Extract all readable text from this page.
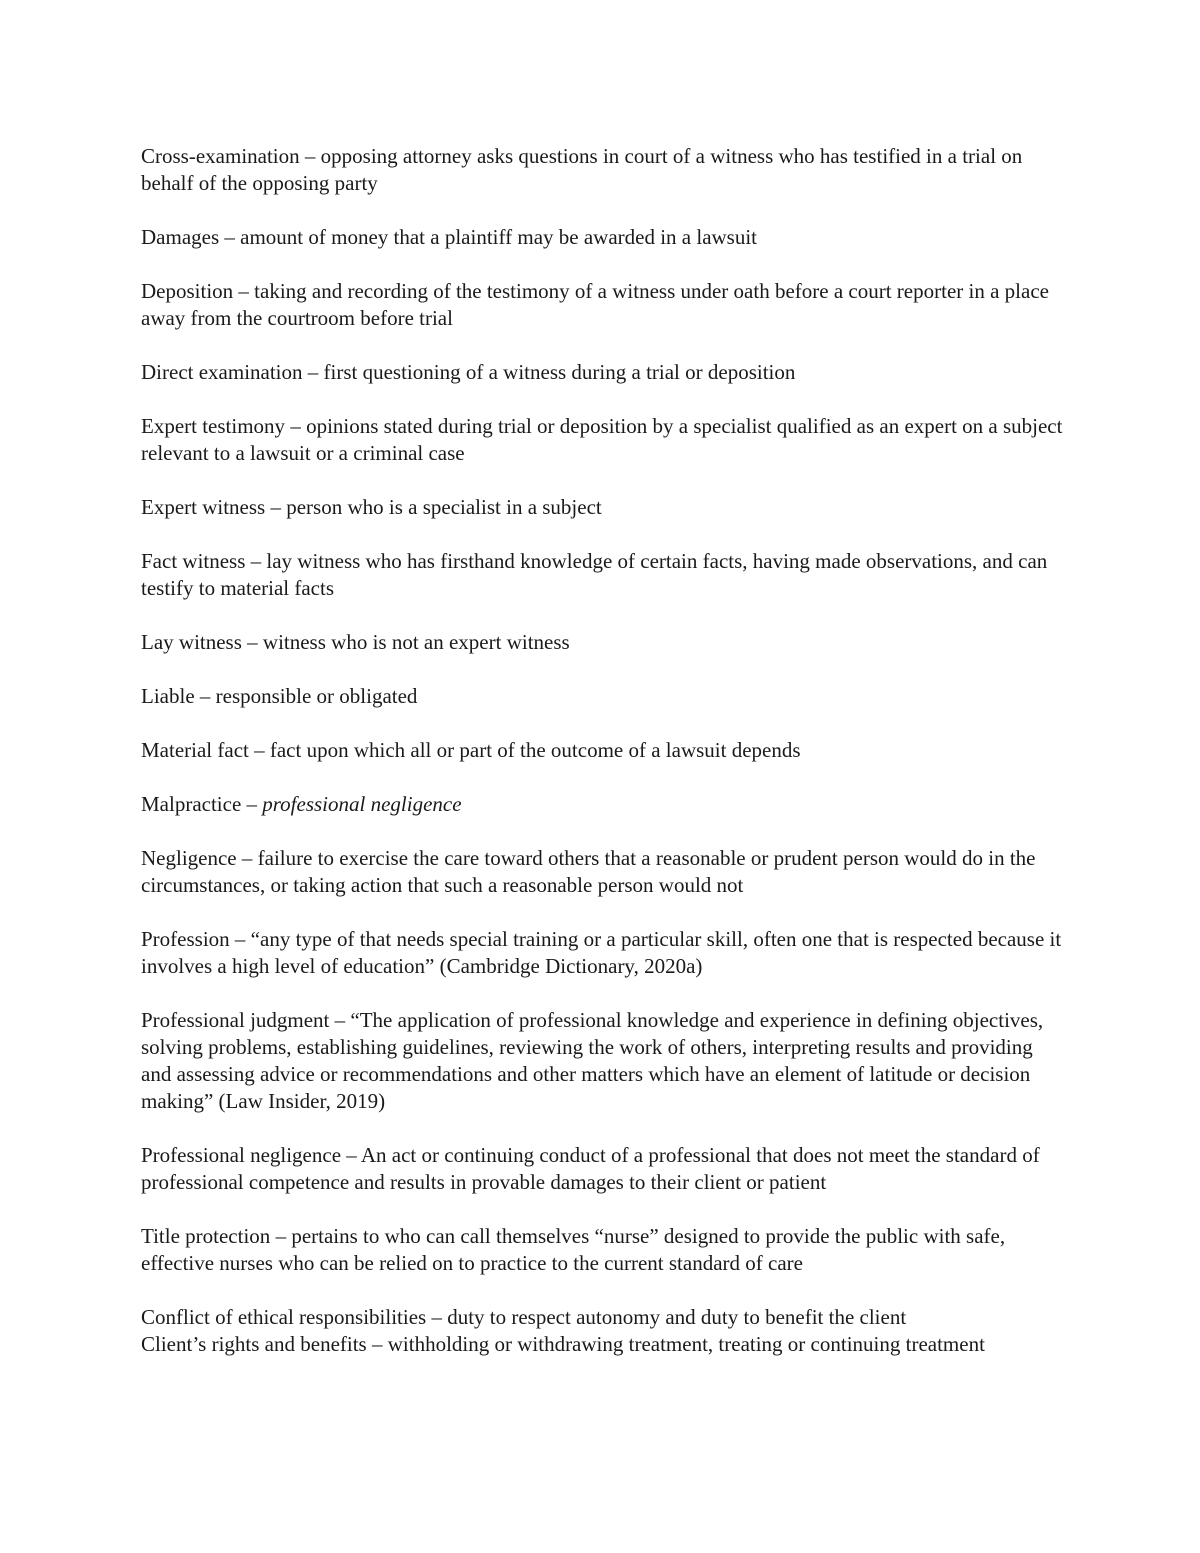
Cross-examination – opposing attorney asks questions in court of a witness who has testified in a trial on behalf of the opposing party

Damages – amount of money that a plaintiff may be awarded in a lawsuit

Deposition – taking and recording of the testimony of a witness under oath before a court reporter in a place away from the courtroom before trial

Direct examination – first questioning of a witness during a trial or deposition

Expert testimony – opinions stated during trial or deposition by a specialist qualified as an expert on a subject relevant to a lawsuit or a criminal case

Expert witness – person who is a specialist in a subject

Fact witness – lay witness who has firsthand knowledge of certain facts, having made observations, and can testify to material facts

Lay witness – witness who is not an expert witness

Liable – responsible or obligated

Material fact – fact upon which all or part of the outcome of a lawsuit depends

Malpractice – professional negligence

Negligence – failure to exercise the care toward others that a reasonable or prudent person would do in the circumstances, or taking action that such a reasonable person would not

Profession – “any type of that needs special training or a particular skill, often one that is respected because it involves a high level of education” (Cambridge Dictionary, 2020a)

Professional judgment – “The application of professional knowledge and experience in defining objectives, solving problems, establishing guidelines, reviewing the work of others, interpreting results and providing and assessing advice or recommendations and other matters which have an element of latitude or decision making” (Law Insider, 2019)

Professional negligence – An act or continuing conduct of a professional that does not meet the standard of professional competence and results in provable damages to their client or patient

Title protection – pertains to who can call themselves “nurse” designed to provide the public with safe, effective nurses who can be relied on to practice to the current standard of care

Conflict of ethical responsibilities – duty to respect autonomy and duty to benefit the client

Client’s rights and benefits – withholding or withdrawing treatment, treating or continuing treatment
